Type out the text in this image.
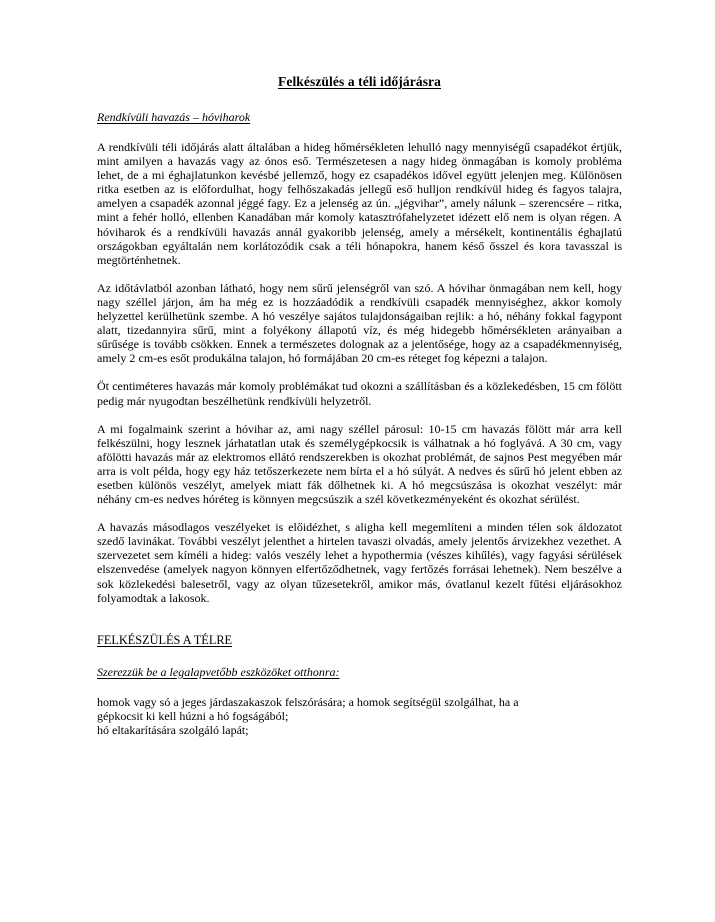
Felkészülés a téli időjárásra

Rendkívüli havazás – hóviharok

A rendkívüli téli időjárás alatt általában a hideg hőmérsékleten lehulló nagy mennyiségű csapadékot értjük, mint amilyen a havazás vagy az ónos eső. Természetesen a nagy hideg önmagában is komoly probléma lehet, de a mi éghajlatunkon kevésbé jellemző, hogy ez csapadékos idővel együtt jelenjen meg. Különösen ritka esetben az is előfordulhat, hogy felhőszakadás jellegű eső hulljon rendkívül hideg és fagyos talajra, amelyen a csapadék azonnal jéggé fagy. Ez a jelenség az ún. „jégvihar”, amely nálunk – szerencsére – ritka, mint a fehér holló, ellenben Kanadában már komoly katasztrófahelyzetet idézett elő nem is olyan régen. A hóviharok és a rendkívüli havazás annál gyakoribb jelenség, amely a mérsékelt, kontinentális éghajlatú országokban egyáltalán nem korlátozódik csak a téli hónapokra, hanem késő ősszel és kora tavasszal is megtörténhetnek.

Az időtávlatból azonban látható, hogy nem sűrű jelenségről van szó. A hóvihar önmagában nem kell, hogy nagy széllel járjon, ám ha még ez is hozzáadódik a rendkívüli csapadék mennyiséghez, akkor komoly helyzettel kerülhetünk szembe. A hó veszélye sajátos tulajdonságaiban rejlik: a hó, néhány fokkal fagypont alatt, tizedannyira sűrű, mint a folyékony állapotú víz, és még hidegebb hőmérsékleten arányaiban a sűrűsége is tovább csökken. Ennek a természetes dolognak az a jelentősége, hogy az a csapadékmennyiség, amely 2 cm-es esőt produkálna talajon, hó formájában 20 cm-es réteget fog képezni a talajon.

Öt centiméteres havazás már komoly problémákat tud okozni a szállításban és a közlekedésben, 15 cm fölött pedig már nyugodtan beszélhetünk rendkívüli helyzetről.

A mi fogalmaink szerint a hóvihar az, ami nagy széllel párosul: 10-15 cm havazás fölött már arra kell felkészülni, hogy lesznek járhatatlan utak és személygépkocsik is válhatnak a hó foglyává. A 30 cm, vagy afölötti havazás már az elektromos ellátó rendszerekben is okozhat problémát, de sajnos Pest megyében már arra is volt példa, hogy egy ház tetőszerkezete nem bírta el a hó súlyát. A nedves és sűrű hó jelent ebben az esetben különös veszélyt, amelyek miatt fák dőlhetnek ki. A hó megcsúszása is okozhat veszélyt: már néhány cm-es nedves hóréteg is könnyen megcsúszik a szél következményeként és okozhat sérülést.

A havazás másodlagos veszélyeket is előidézhet, s aligha kell megemlíteni a minden télen sok áldozatot szedő lavinákat. További veszélyt jelenthet a hirtelen tavaszi olvadás, amely jelentős árvizekhez vezethet. A szervezetet sem kíméli a hideg: valós veszély lehet a hypothermia (vészes kihűlés), vagy fagyási sérülések elszenvedése (amelyek nagyon könnyen elfertőződhetnek, vagy fertőzés forrásai lehetnek). Nem beszélve a sok közlekedési balesetről, vagy az olyan tűzesetekről, amikor más, óvatlanul kezelt fűtési eljárásokhoz folyamodtak a lakosok.

FELKÉSZÜLÉS A TÉLRE

Szerezzük be a legalapvetőbb eszközöket otthonra:

homok vagy só a jeges járdaszakaszok felszórására; a homok segítségül szolgálhat, ha a

gépkocsit ki kell húzni a hó fogságából;

hó eltakarítására szolgáló lapát;
